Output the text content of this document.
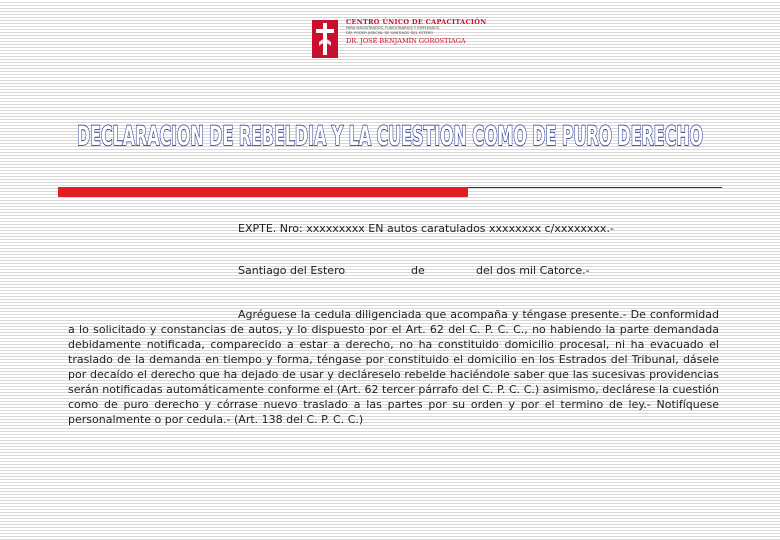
CENTRO ÚNICO DE CAPACITACIÓN
PARA MAGISTRADOS, FUNCIONARIOS Y EMPLEADOS
DEL PODER JUDICIAL DE SANTIAGO DEL ESTERO
DR. JOSÉ BENJAMÍN GOROSTIAGA
DECLARACION DE REBELDIA Y LA CUESTION COMO DE PURO DERECHO
EXPTE. Nro: xxxxxxxxx EN autos caratulados xxxxxxxx c/xxxxxxxx.-
Santiago del Estero	de	del dos mil Catorce.-
Agréguese la cedula diligenciada que acompaña y téngase presente.- De conformidad a lo solicitado y constancias de autos, y lo dispuesto por el Art. 62 del C. P. C. C., no habiendo la parte demandada debidamente notificada, comparecido a estar a derecho, no ha constituido domicilio procesal, ni ha evacuado el traslado de la demanda en tiempo y forma, téngase por constituido el domicilio en los Estrados del Tribunal, dásele por decaído el derecho que ha dejado de usar y decláreselo rebelde haciéndole saber que las sucesivas providencias serán notificadas automáticamente conforme el (Art. 62 tercer párrafo del C. P. C. C.) asimismo, declárese la cuestión como de puro derecho y córrase nuevo traslado a las partes por su orden y por el termino de ley.- Notifíquese personalmente o por cedula.- (Art. 138 del C. P. C. C.)
